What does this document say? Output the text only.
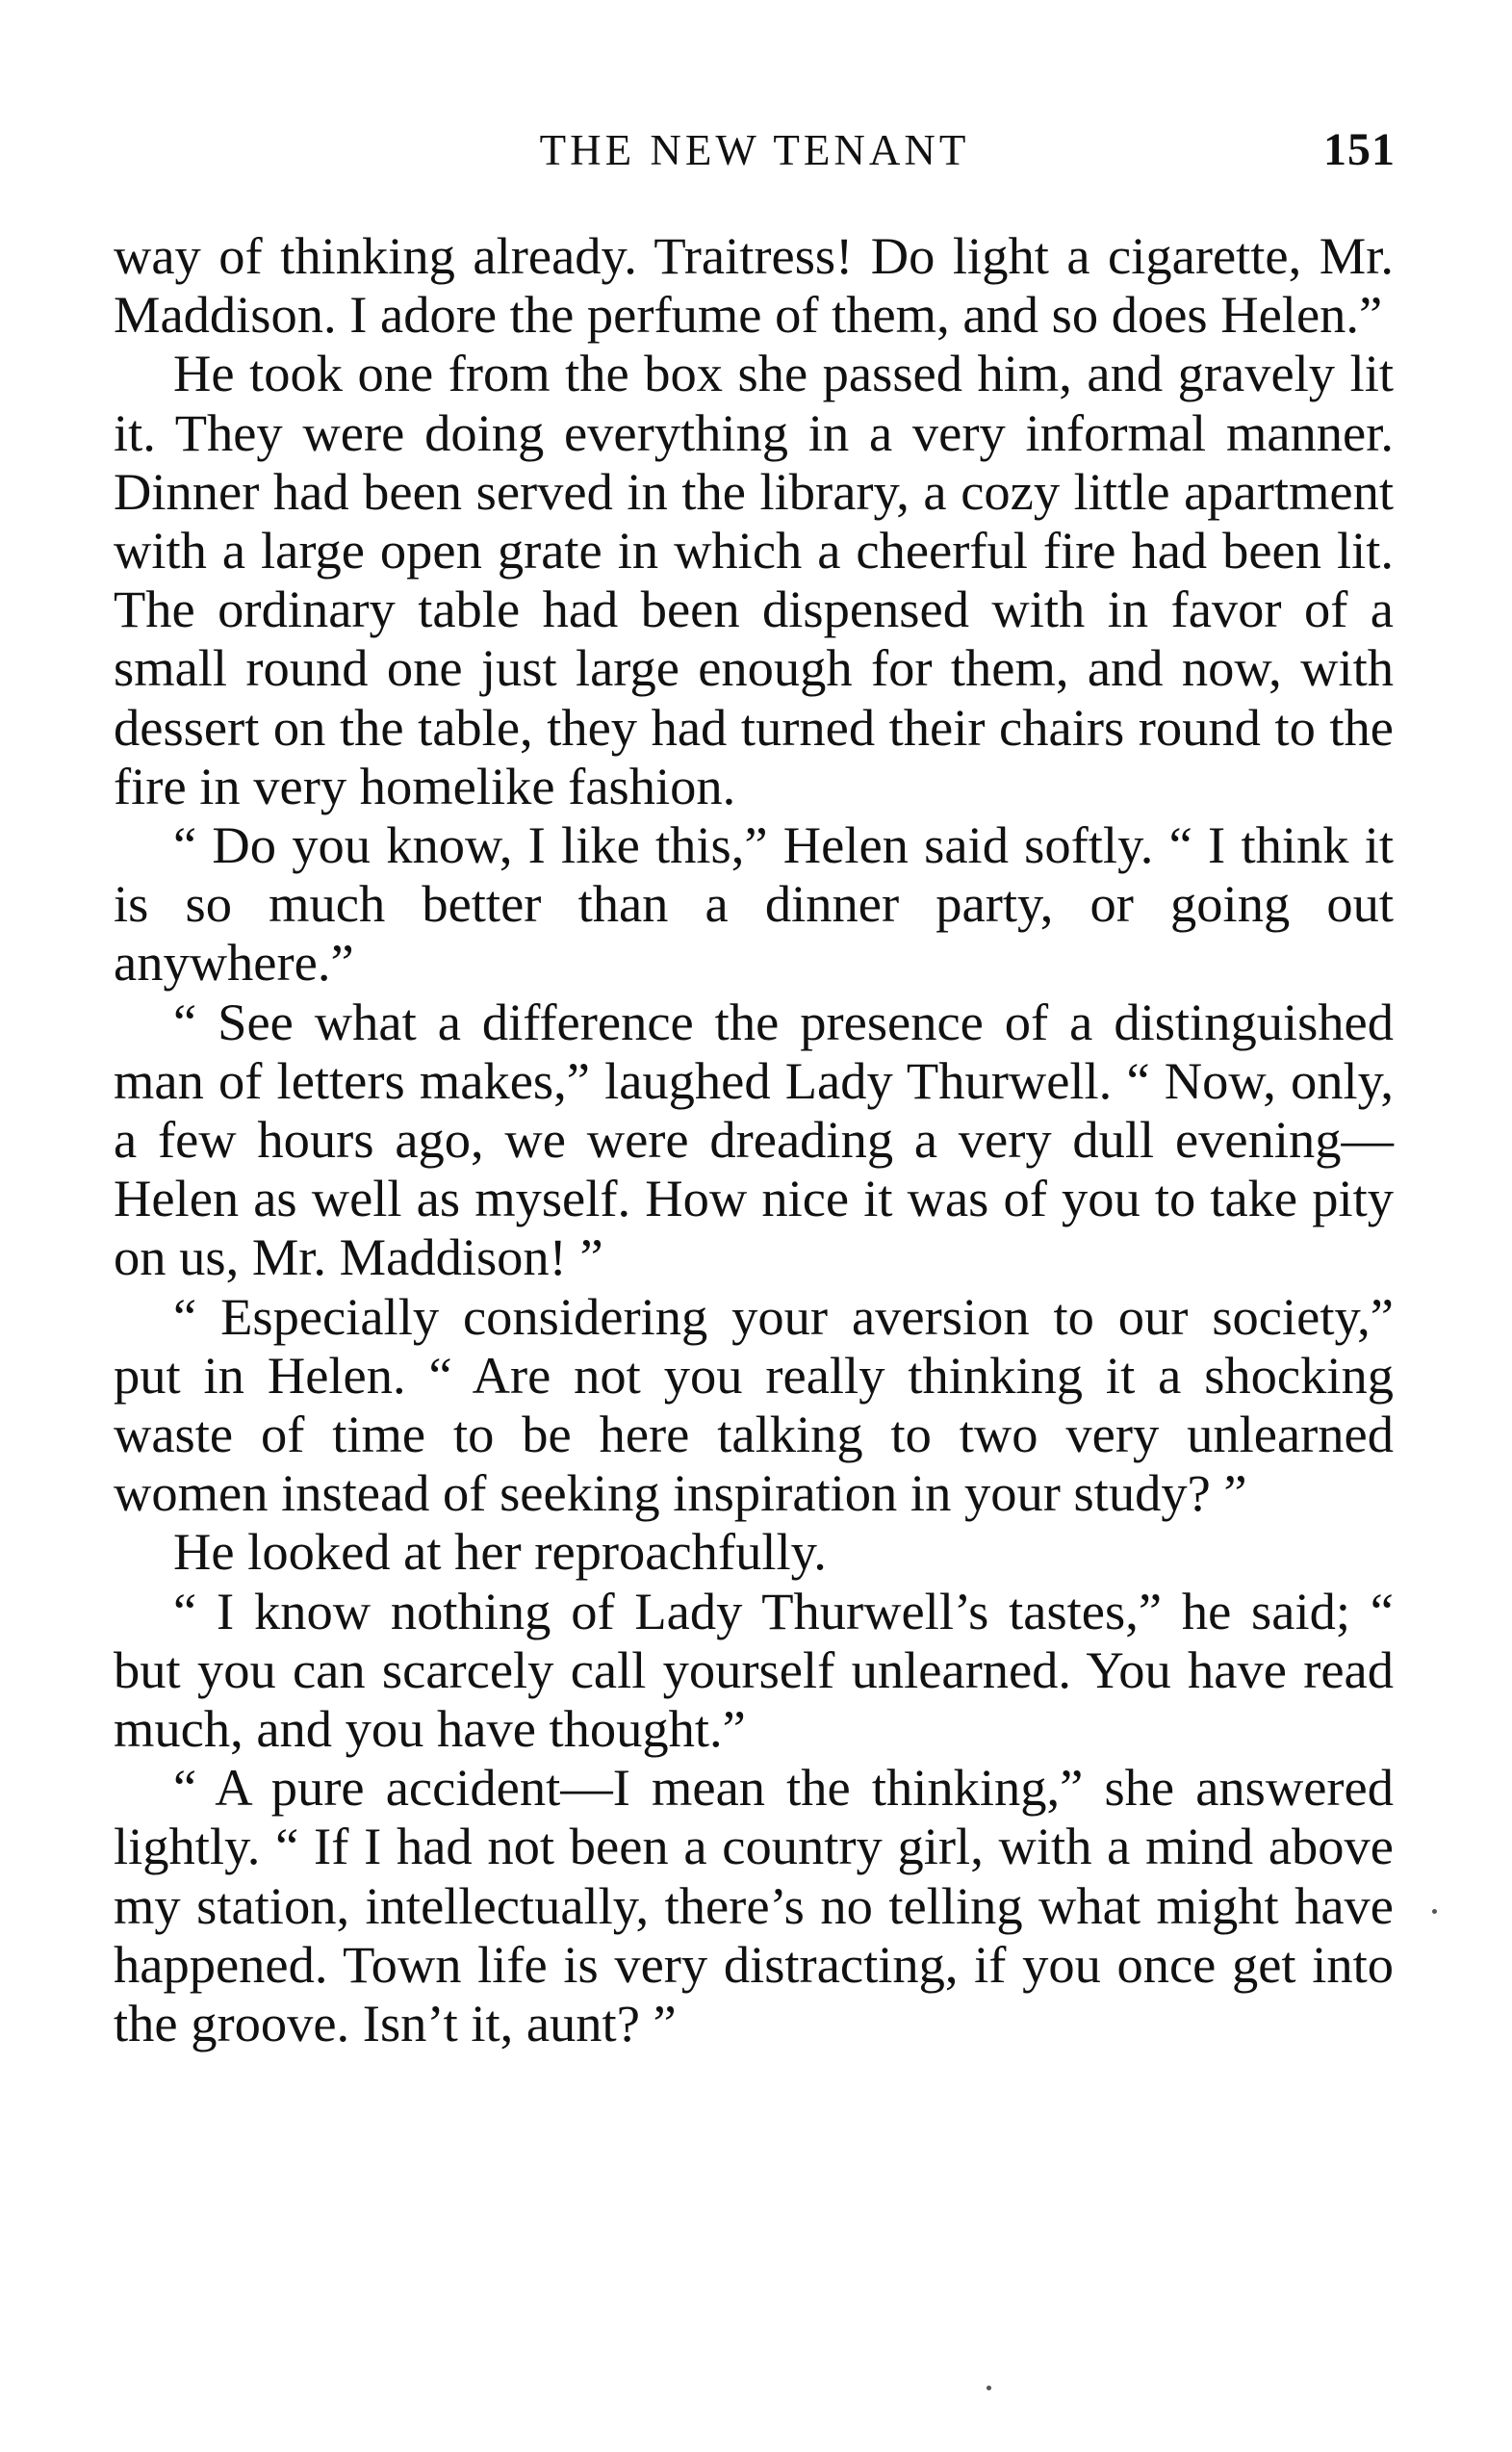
THE NEW TENANT	151

way of thinking already. Traitress! Do light a cigarette, Mr. Maddison. I adore the perfume of them, and so does Helen.”

He took one from the box she passed him, and gravely lit it. They were doing everything in a very informal manner. Dinner had been served in the library, a cozy little apartment with a large open grate in which a cheerful fire had been lit. The ordinary table had been dispensed with in favor of a small round one just large enough for them, and now, with dessert on the table, they had turned their chairs round to the fire in very homelike fashion.

“ Do you know, I like this,” Helen said softly. “ I think it is so much better than a dinner party, or going out anywhere.”

“ See what a difference the presence of a distinguished man of letters makes,” laughed Lady Thurwell. “ Now, only, a few hours ago, we were dreading a very dull evening—Helen as well as myself. How nice it was of you to take pity on us, Mr. Maddison! ”

“ Especially considering your aversion to our society,” put in Helen. “ Are not you really thinking it a shocking waste of time to be here talking to two very unlearned women instead of seeking inspiration in your study? ”

He looked at her reproachfully.

“ I know nothing of Lady Thurwell’s tastes,” he said; “ but you can scarcely call yourself unlearned. You have read much, and you have thought.”

“ A pure accident—I mean the thinking,” she answered lightly. “ If I had not been a country girl, with a mind above my station, intellectually, there’s no telling what might have happened. Town life is very distracting, if you once get into the groove. Isn’t it, aunt? ”
